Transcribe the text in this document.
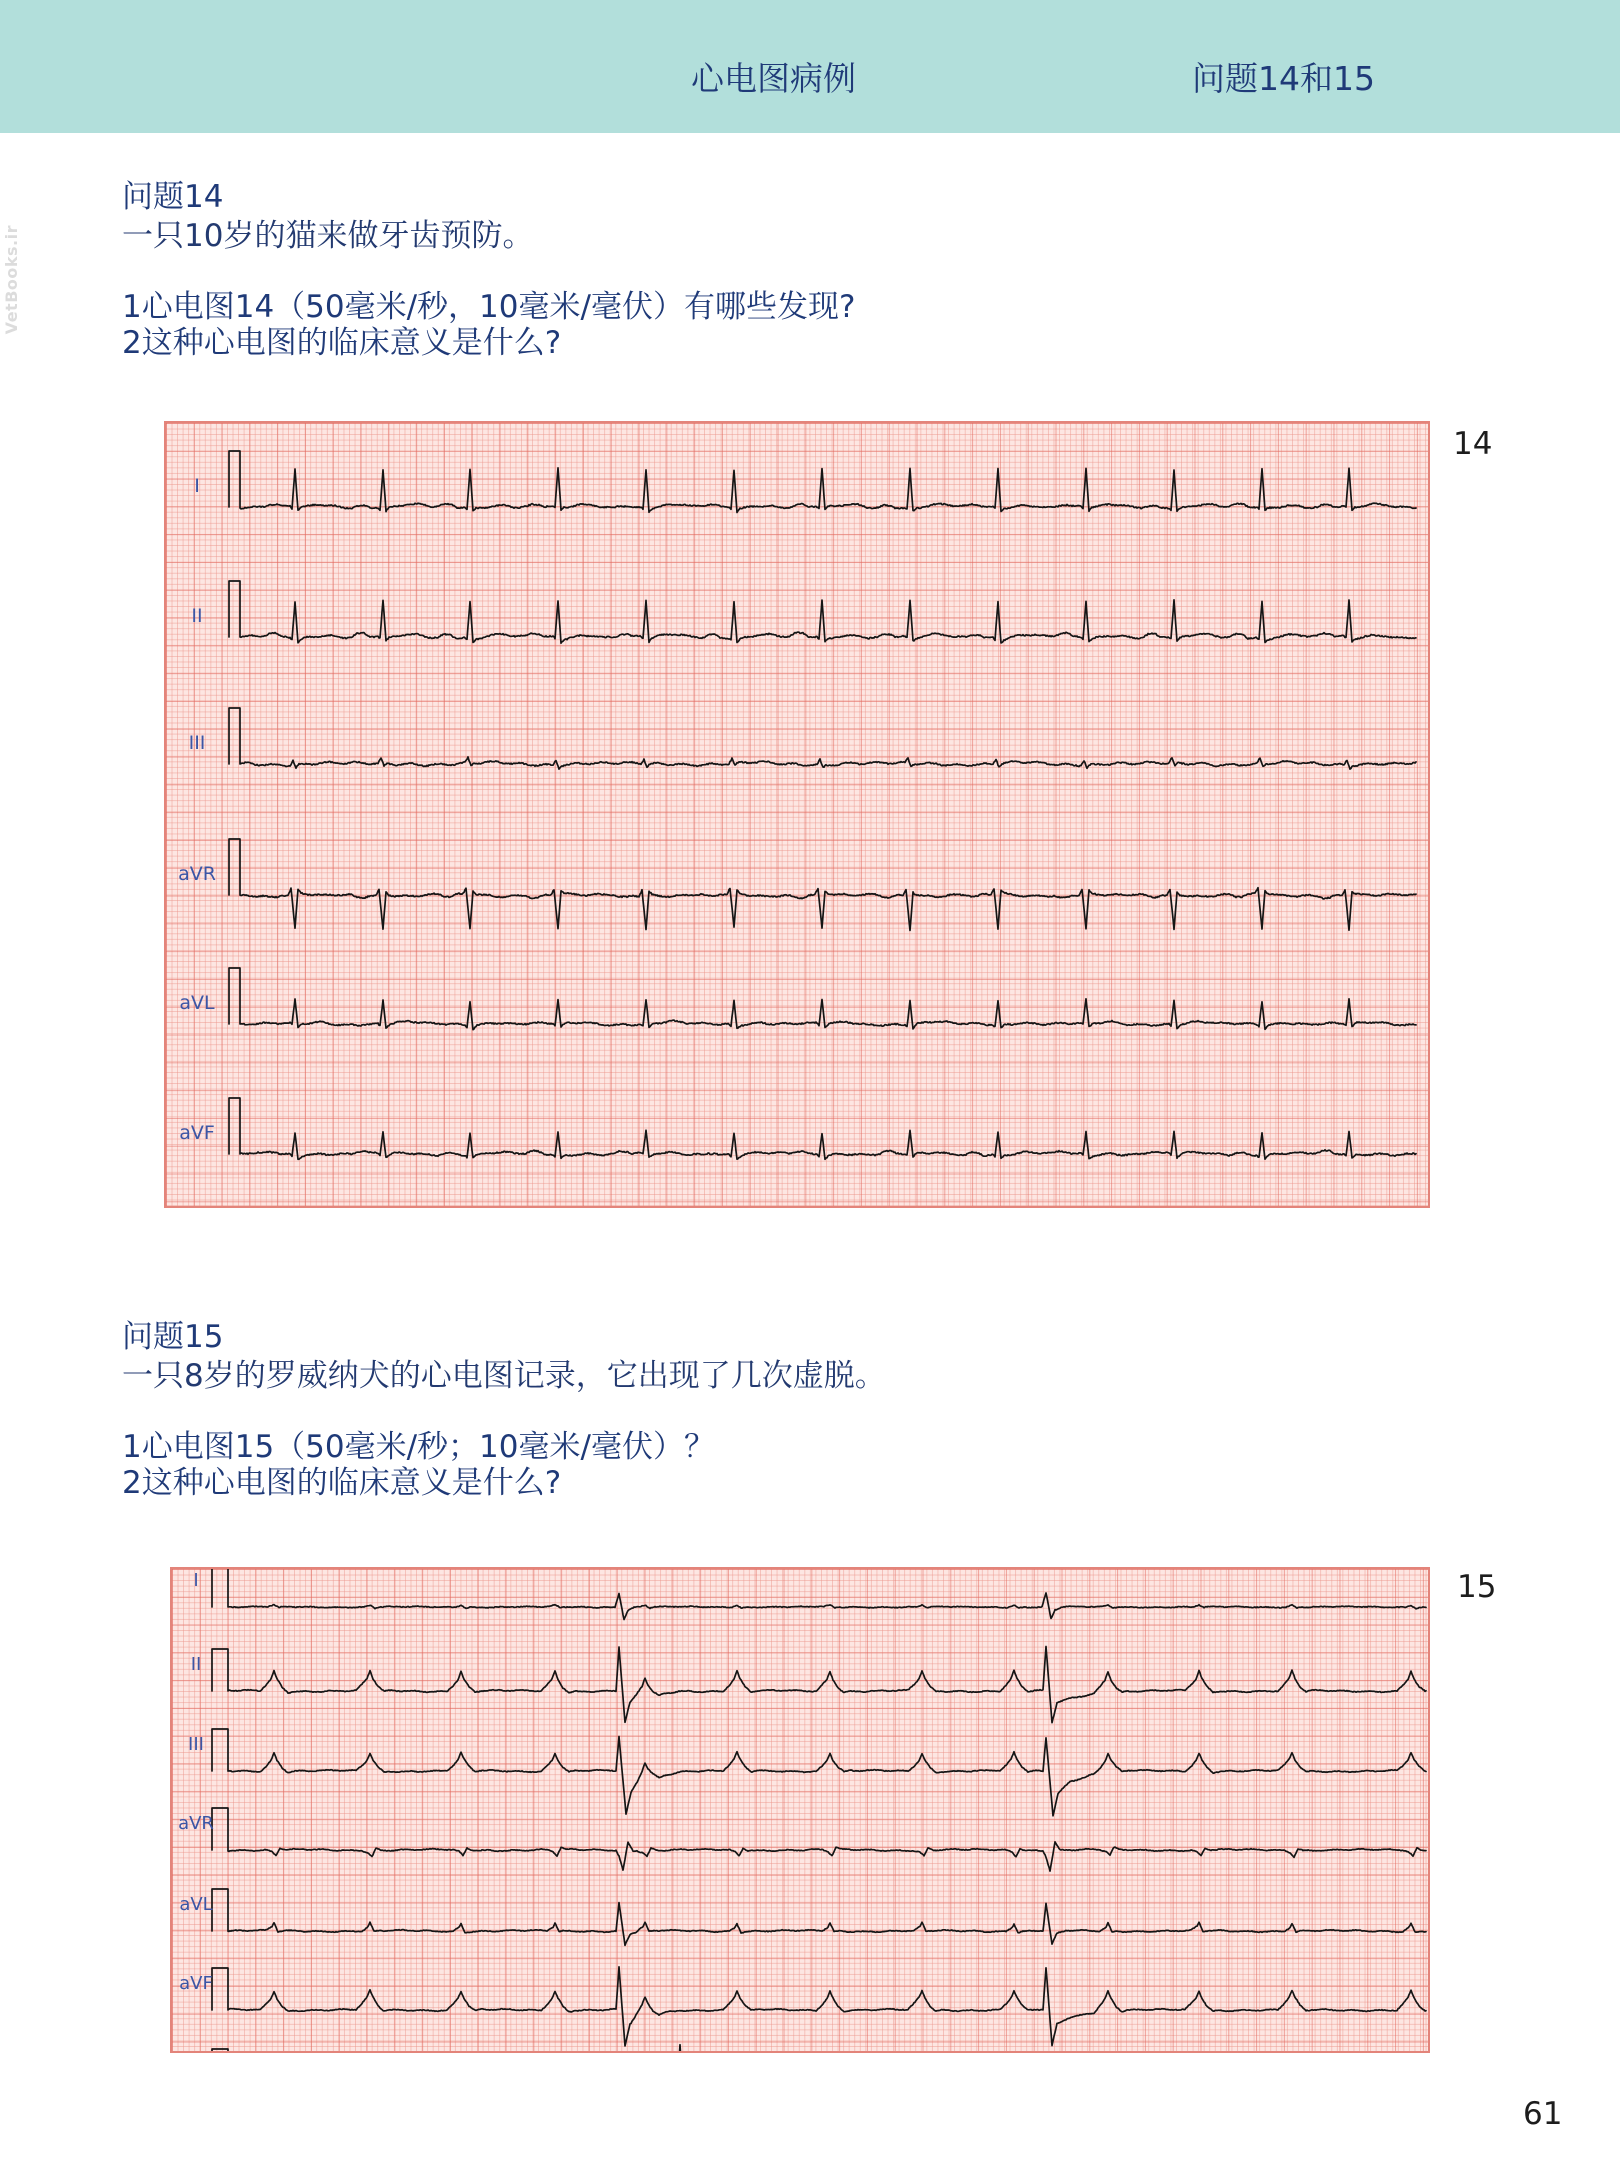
心电图病例	问题14和15
VetBooks.ir
问题14
一只10岁的猫来做牙齿预防。
1心电图14（50毫米/秒，10毫米/毫伏）有哪些发现?
2这种心电图的临床意义是什么?
I
II
III
aVR
aVL
aVF
14
问题15
一只8岁的罗威纳犬的心电图记录，它出现了几次虚脱。
1心电图15（50毫米/秒；10毫米/毫伏）？
2这种心电图的临床意义是什么?
I
II
III
aVR
aVL
aVF
15
61
